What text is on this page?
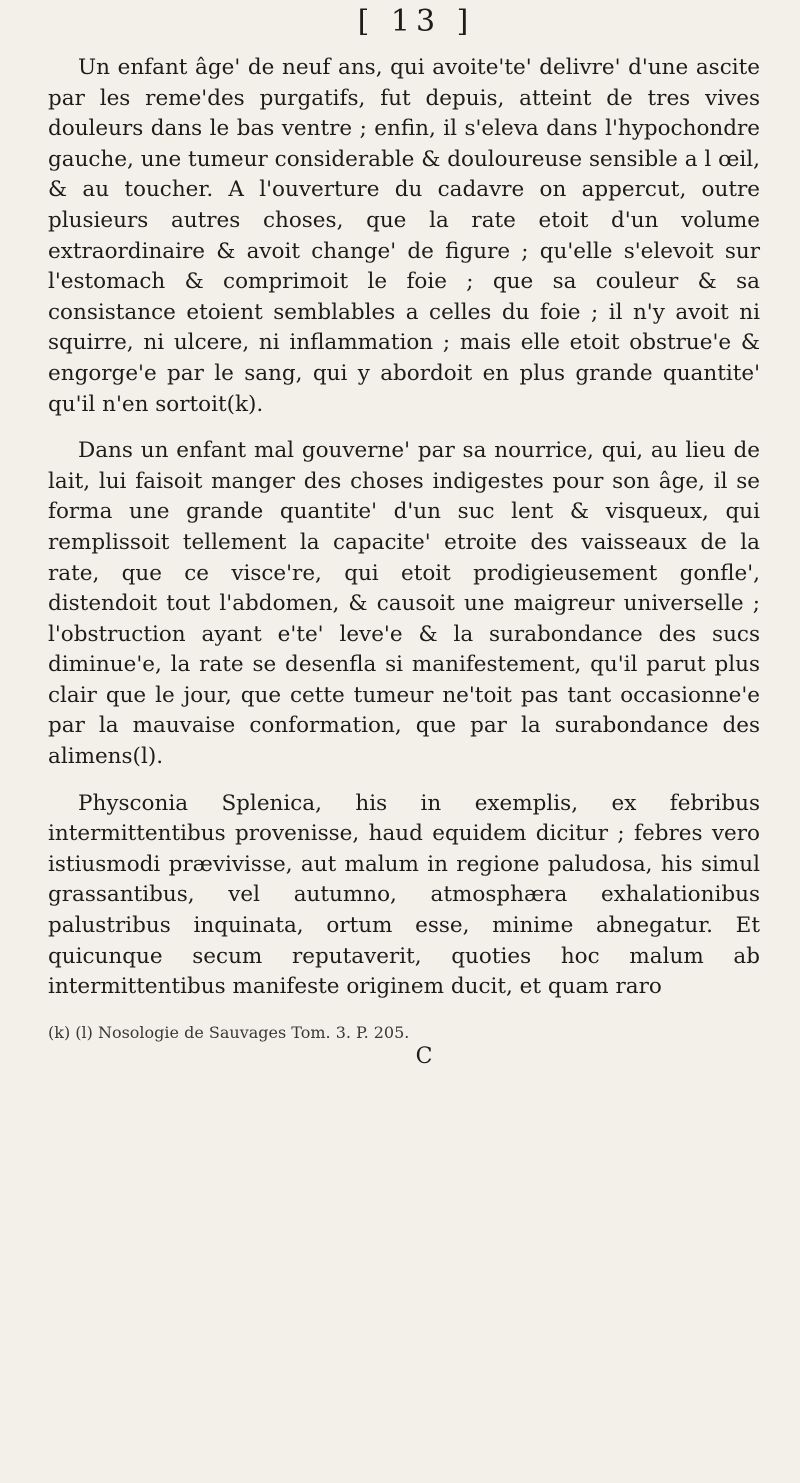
[ 13 ]

Un enfant âge' de neuf ans, qui avoite'te' delivre' d'une ascite par les reme'des purgatifs, fut depuis, atteint de tres vives douleurs dans le bas ventre ; enfin, il s'eleva dans l'hypochondre gauche, une tumeur considerable & douloureuse sensible a l œil, & au toucher. A l'ouverture du cadavre on appercut, outre plusieurs autres choses, que la rate etoit d'un volume extraordinaire & avoit change' de figure ; qu'elle s'elevoit sur l'estomach & comprimoit le foie ; que sa couleur & sa consistance etoient semblables a celles du foie ; il n'y avoit ni squirre, ni ulcere, ni inflammation ; mais elle etoit obstrue'e & engorge'e par le sang, qui y abordoit en plus grande quantite' qu'il n'en sortoit(k).

Dans un enfant mal gouverne' par sa nourrice, qui, au lieu de lait, lui faisoit manger des choses indigestes pour son âge, il se forma une grande quantite' d'un suc lent & visqueux, qui remplissoit tellement la capacite' etroite des vaisseaux de la rate, que ce visce're, qui etoit prodigieusement gonfle', distendoit tout l'abdomen, & causoit une maigreur universelle ; l'obstruction ayant e'te' leve'e & la surabondance des sucs diminue'e, la rate se desenfla si manifestement, qu'il parut plus clair que le jour, que cette tumeur ne'toit pas tant occasionne'e par la mauvaise conformation, que par la surabondance des alimens(l).

Physconia Splenica, his in exemplis, ex febribus intermittentibus provenisse, haud equidem dicitur ; febres vero istiusmodi prævivisse, aut malum in regione paludosa, his simul grassantibus, vel autumno, atmosphæra exhalationibus palustribus inquinata, ortum esse, minime abnegatur. Et quicunque secum reputaverit, quoties hoc malum ab intermittentibus manifeste originem ducit, et quam raro

(k) (l) Nosologie de Sauvages Tom. 3. P. 205.
C
